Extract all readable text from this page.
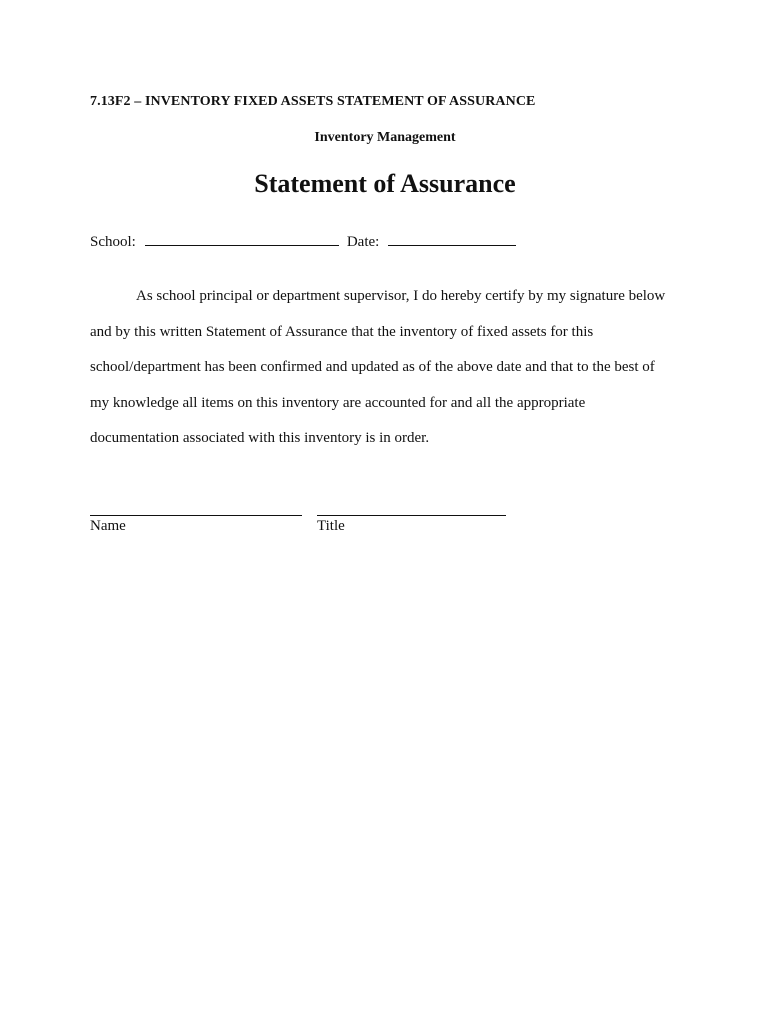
7.13F2 – INVENTORY FIXED ASSETS STATEMENT OF ASSURANCE
Inventory Management
Statement of Assurance
School:	Date:
As school principal or department supervisor, I do hereby certify by my signature below
and by this written Statement of Assurance that the inventory of fixed assets for this
school/department has been confirmed and updated as of the above date and that to the best of
my knowledge all items on this inventory are accounted for and all the appropriate
documentation associated with this inventory is in order.
Name	Title
